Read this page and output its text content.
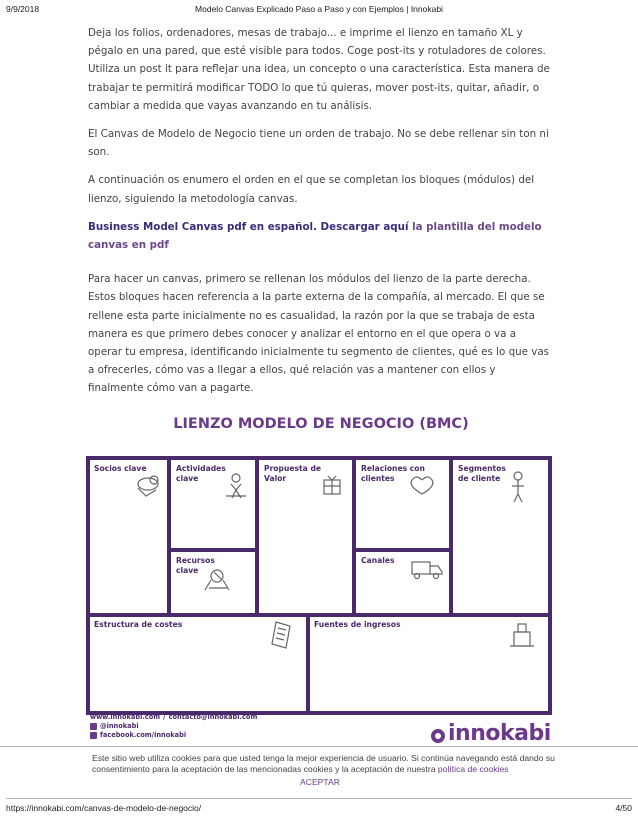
9/9/2018	Modelo Canvas Explicado Paso a Paso y con Ejemplos | Innokabi

Deja los folios, ordenadores, mesas de trabajo... e imprime el lienzo en tamaño XL y pégalo en una pared, que esté visible para todos. Coge post-its y rotuladores de colores. Utiliza un post it para reflejar una idea, un concepto o una característica. Esta manera de trabajar te permitirá modificar TODO lo que tú quieras, mover post-its, quitar, añadir, o cambiar a medida que vayas avanzando en tu análisis.

El Canvas de Modelo de Negocio tiene un orden de trabajo. No se debe rellenar sin ton ni son.

A continuación os enumero el orden en el que se completan los bloques (módulos) del lienzo, siguiendo la metodología canvas.

Business Model Canvas pdf en español. Descargar aquí la plantilla del modelo canvas en pdf

Para hacer un canvas, primero se rellenan los módulos del lienzo de la parte derecha. Estos bloques hacen referencia a la parte externa de la compañía, al mercado. El que se rellene esta parte inicialmente no es casualidad, la razón por la que se trabaja de esta manera es que primero debes conocer y analizar el entorno en el que opera o va a operar tu empresa, identificando inicialmente tu segmento de clientes, qué es lo que vas a ofrecerles, cómo vas a llegar a ellos, qué relación vas a mantener con ellos y finalmente cómo van a pagarte.

LIENZO MODELO DE NEGOCIO (BMC)
Socios clave	Actividades clave
Propuesta de Valor
Relaciones con clientes
Segmentos de cliente
Recursos clave
Canales
Estructura de costes	Fuentes de ingresos
www.innokabi.com / contacto@innokabi.com
@innokabi
facebook.com/innokabi	innokabi
Este sitio web utiliza cookies para que usted tenga la mejor experiencia de usuario. Si continúa navegando está dando su consentimiento para la aceptación de las mencionadas cookies y la aceptación de nuestra política de cookies
ACEPTAR
https://innokabi.com/canvas-de-modelo-de-negocio/	4/50
